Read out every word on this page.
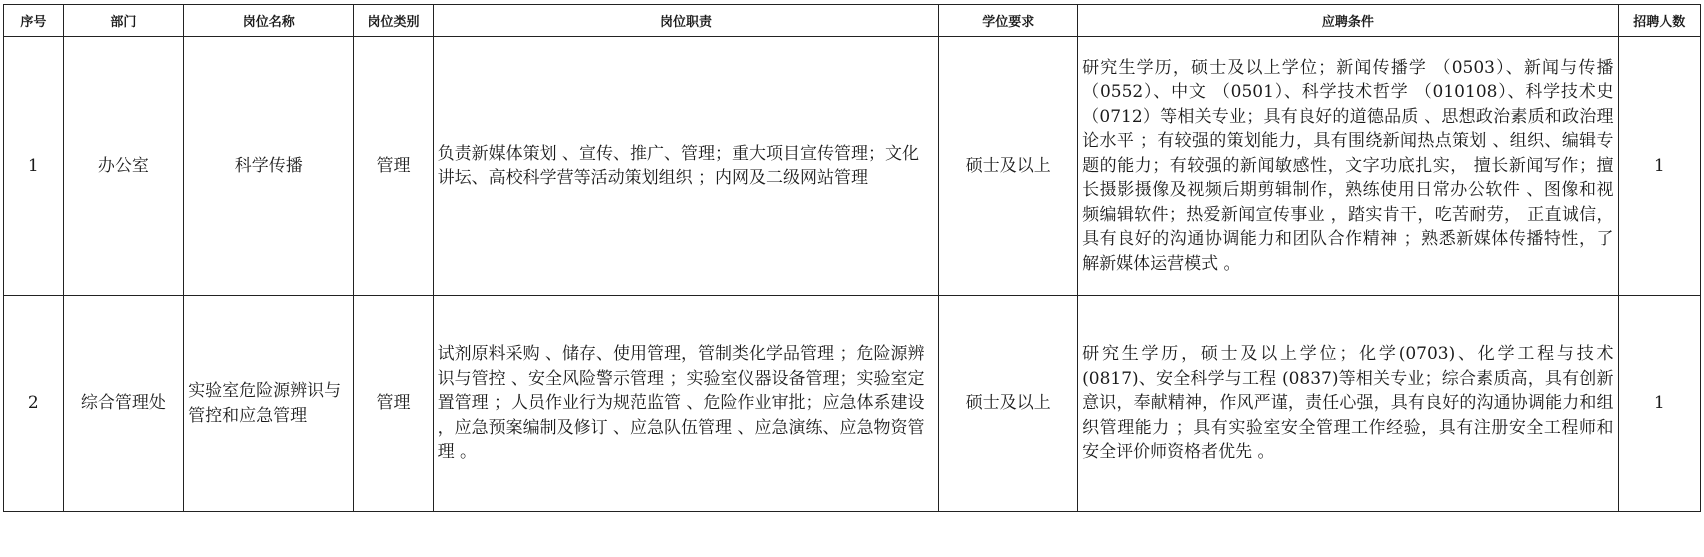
序号	部门	岗位名称	岗位类别	岗位职责	学位要求	应聘条件	招聘人数
1	办公室	科学传播	管理	负责新媒体策划 、宣传、推广、管理；重大项目宣传管理；文化讲坛、高校科学营等活动策划组织 ；内网及二级网站管理	硕士及以上	研究生学历，硕士及以上学位；新闻传播学 （0503）、新闻与传播 （0552）、中文 （0501）、科学技术哲学 （010108）、科学技术史 （0712）等相关专业；具有良好的道德品质 、思想政治素质和政治理论水平 ；有较强的策划能力，具有围绕新闻热点策划 、组织、编辑专题的能力；有较强的新闻敏感性，文字功底扎实， 擅长新闻写作；擅长摄影摄像及视频后期剪辑制作，熟练使用日常办公软件 、图像和视频编辑软件；热爱新闻宣传事业 ，踏实肯干，吃苦耐劳， 正直诚信，具有良好的沟通协调能力和团队合作精神 ；熟悉新媒体传播特性，了解新媒体运营模式 。	1
2	综合管理处	实验室危险源辨识与管控和应急管理	管理	试剂原料采购 、储存、使用管理，管制类化学品管理 ；危险源辨识与管控 、安全风险警示管理 ；实验室仪器设备管理；实验室定置管理 ；人员作业行为规范监管 、危险作业审批；应急体系建设 ，应急预案编制及修订 、应急队伍管理 、应急演练、应急物资管理 。	硕士及以上	研究生学历，硕士及以上学位；化学(0703)、化学工程与技术(0817)、安全科学与工程 (0837)等相关专业；综合素质高，具有创新意识，奉献精神，作风严谨，责任心强，具有良好的沟通协调能力和组织管理能力 ；具有实验室安全管理工作经验，具有注册安全工程师和安全评价师资格者优先 。	1
